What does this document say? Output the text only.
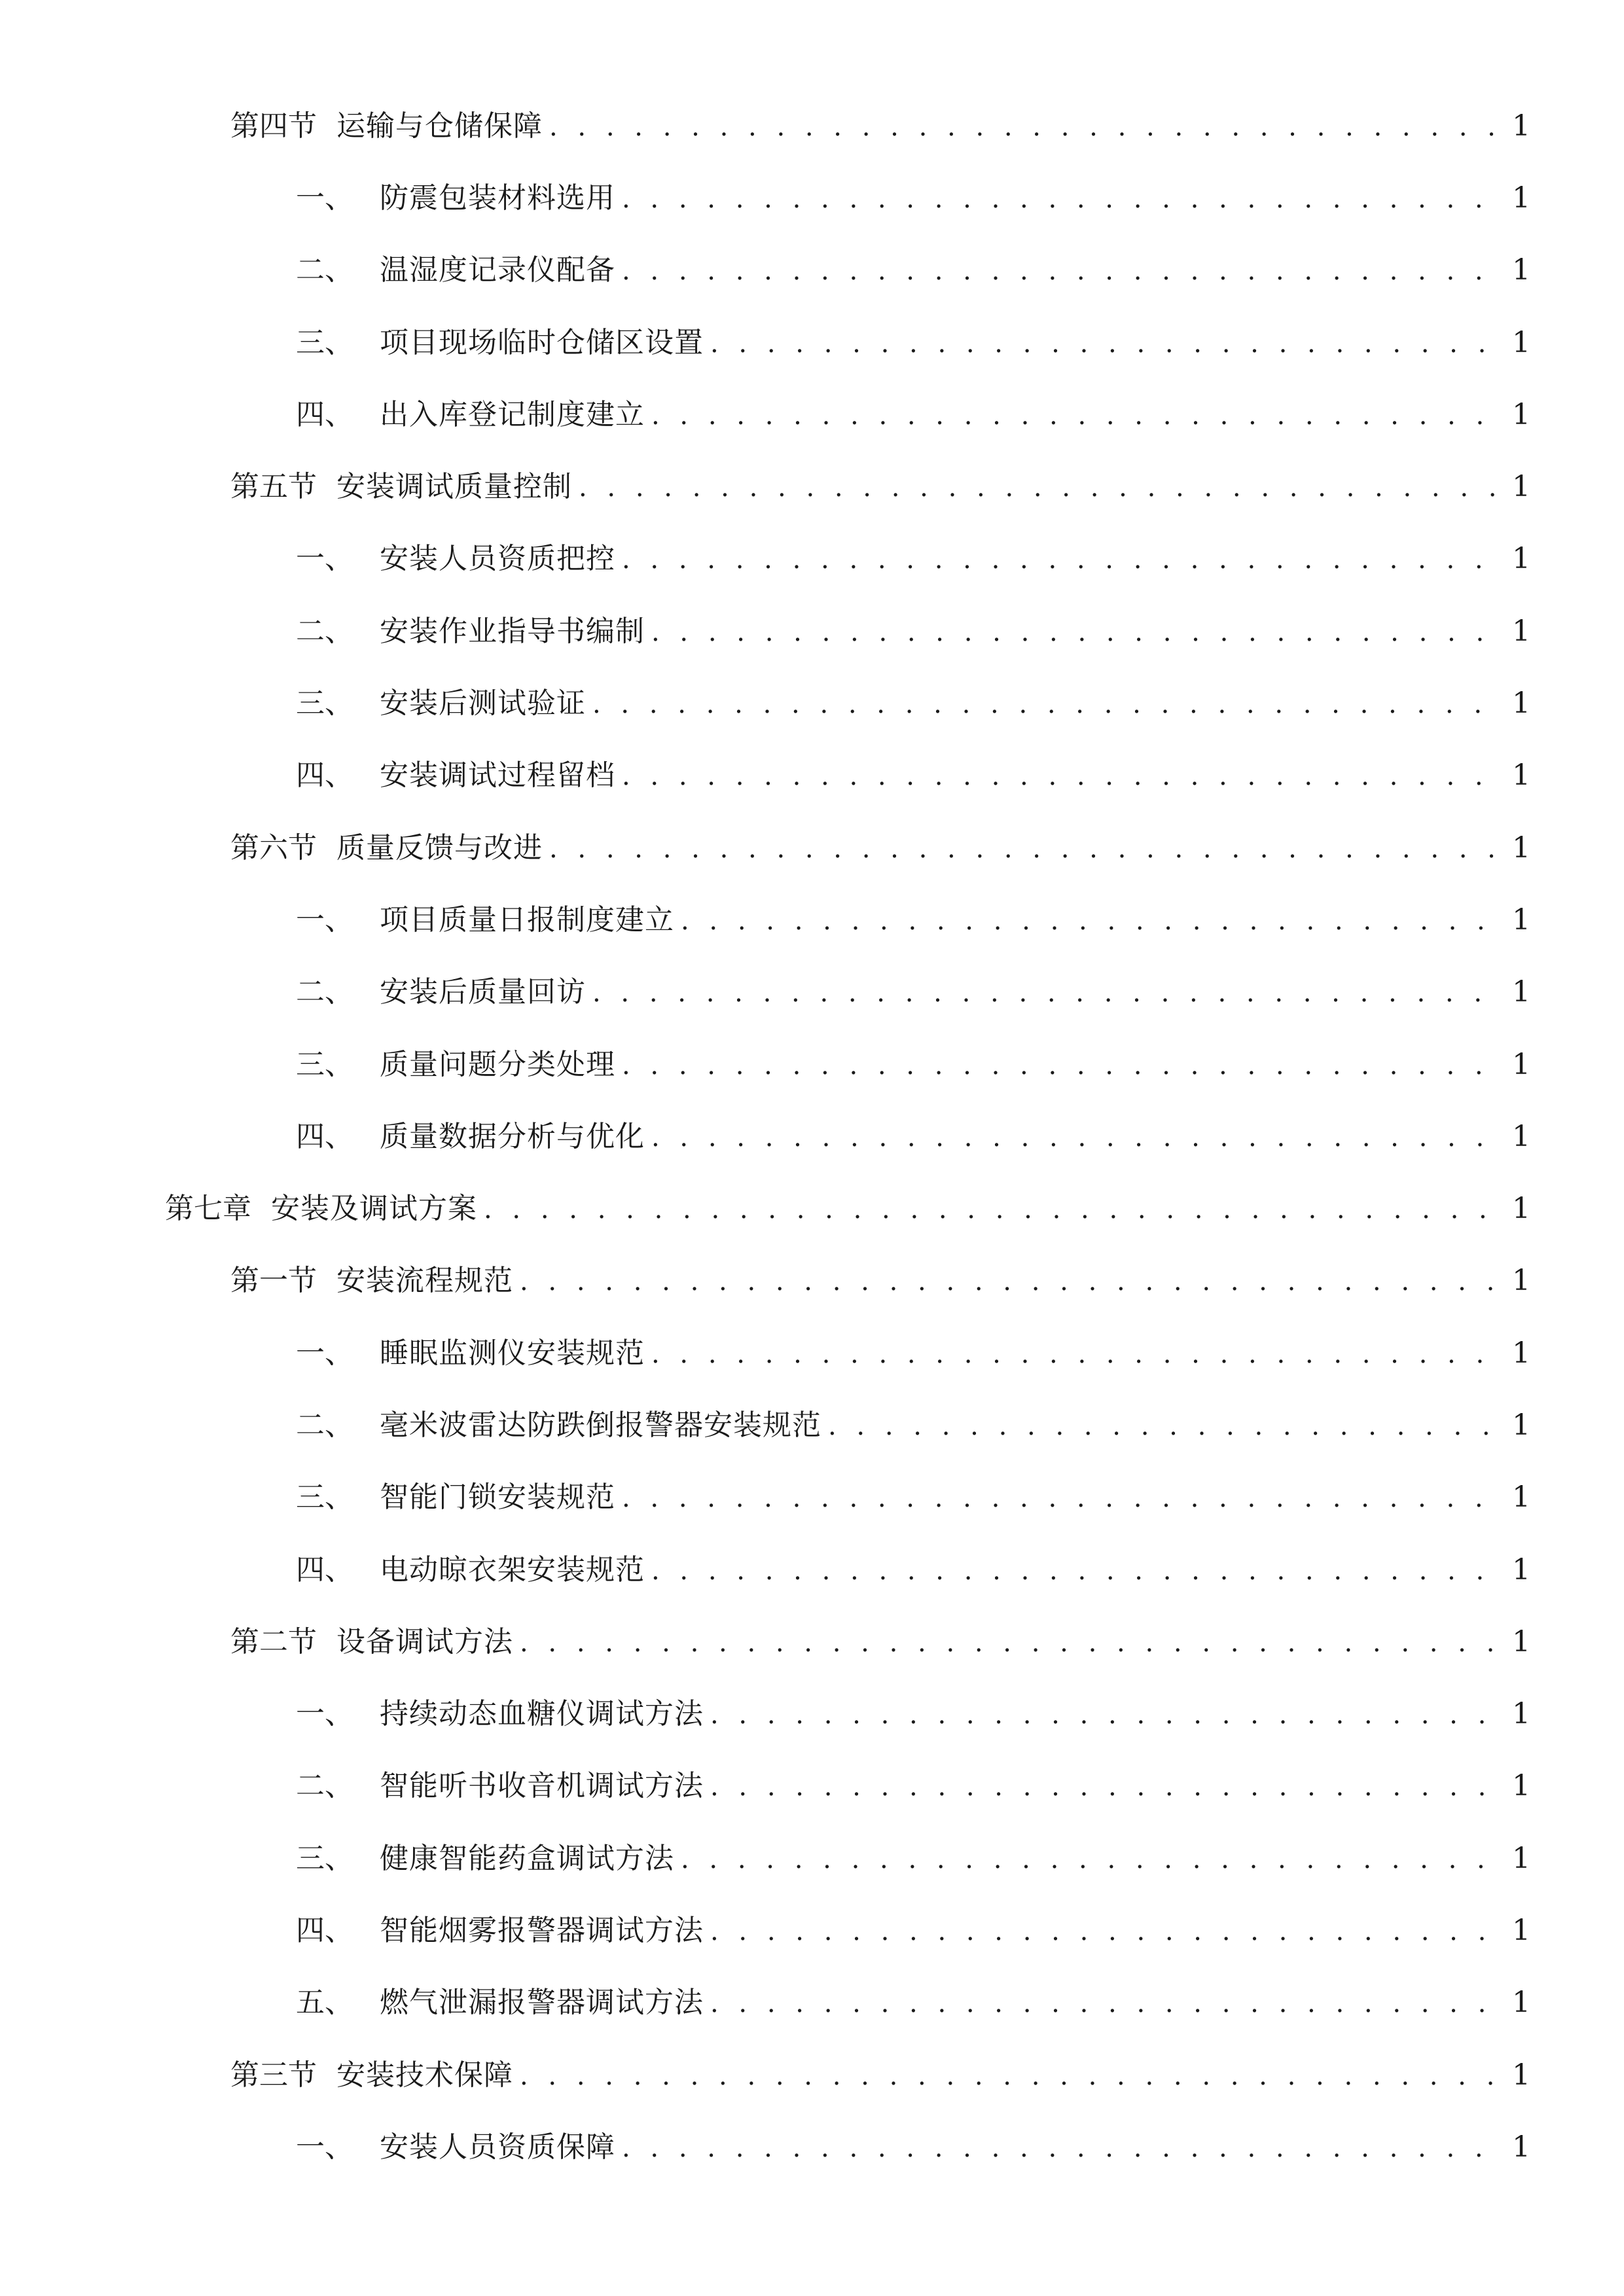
第四节 运输与仓储保障 . . .	1
一、 防震包装材料选用 . . .	1
二、 温湿度记录仪配备 . . .	1
三、 项目现场临时仓储区设置 . . .	1
四、 出入库登记制度建立 . . .	1
第五节 安装调试质量控制 . . .	1
一、 安装人员资质把控 . . .	1
二、 安装作业指导书编制 . . .	1
三、 安装后测试验证 . . .	1
四、 安装调试过程留档 . . .	1
第六节 质量反馈与改进 . . .	1
一、 项目质量日报制度建立 . . .	1
二、 安装后质量回访 . . .	1
三、 质量问题分类处理 . . .	1
四、 质量数据分析与优化 . . .	1
第七章 安装及调试方案 . . .	1
第一节 安装流程规范 . . .	1
一、 睡眠监测仪安装规范 . . .	1
二、 毫米波雷达防跌倒报警器安装规范 . . .	1
三、 智能门锁安装规范 . . .	1
四、 电动晾衣架安装规范 . . .	1
第二节 设备调试方法 . . .	1
一、 持续动态血糖仪调试方法 . . .	1
二、 智能听书收音机调试方法 . . .	1
三、 健康智能药盒调试方法 . . .	1
四、 智能烟雾报警器调试方法 . . .	1
五、 燃气泄漏报警器调试方法 . . .	1
第三节 安装技术保障 . . .	1
一、 安装人员资质保障 . . .	1
